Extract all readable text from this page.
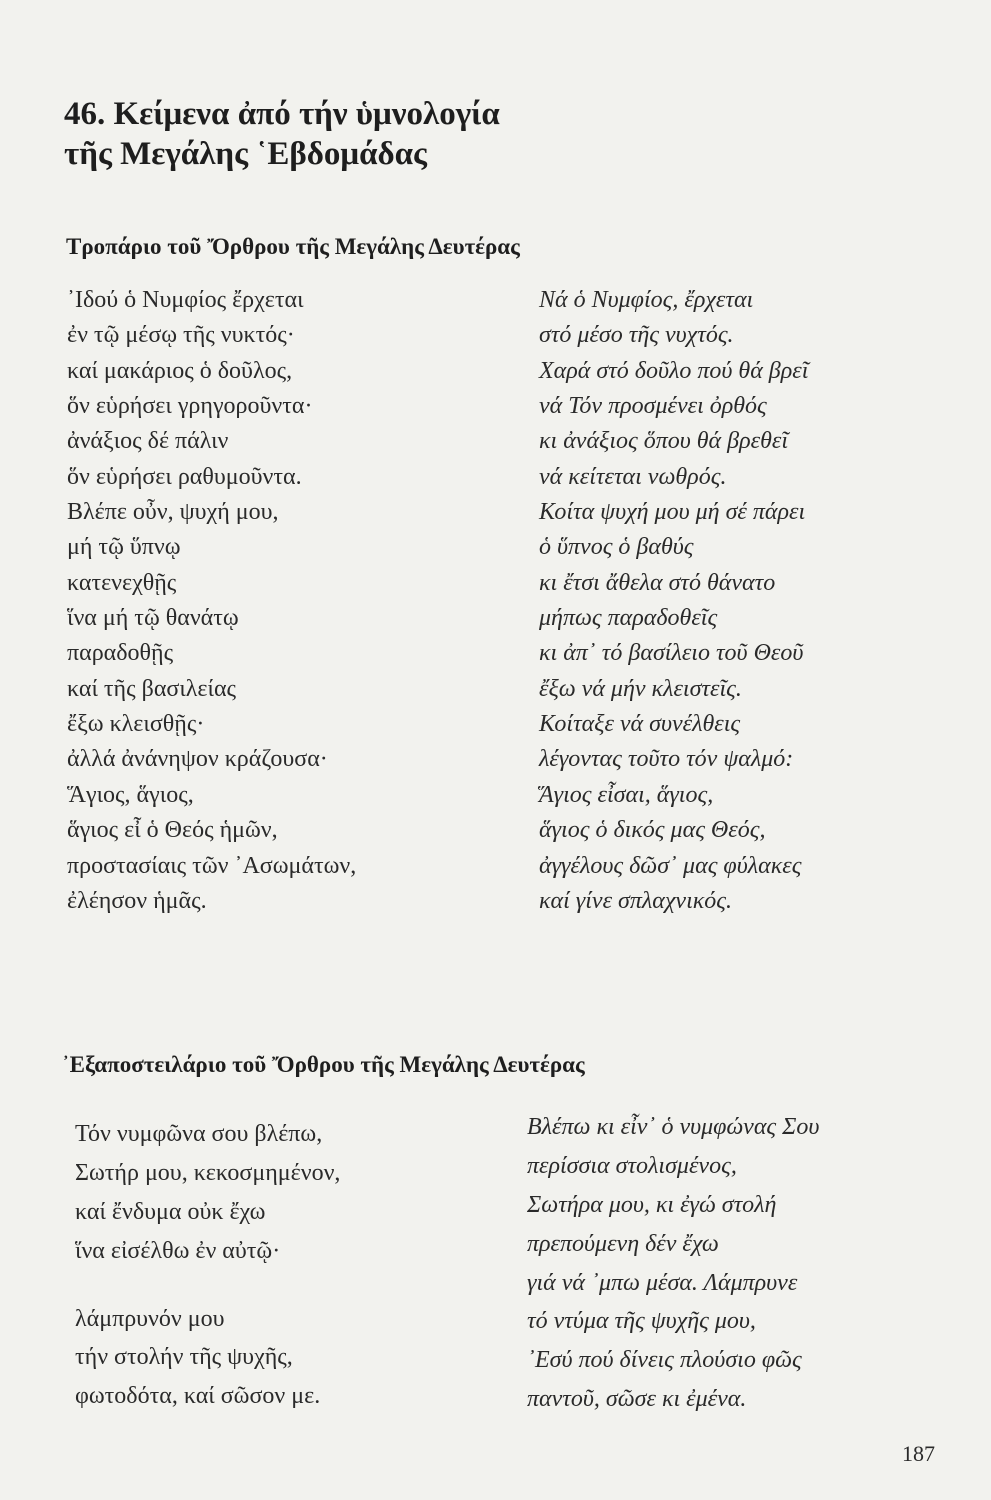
46. Κείμενα ἀπό τήν ὑμνολογία
τῆς Μεγάλης ῾Εβδομάδας
Τροπάριο τοῦ Ὄρθρου τῆς Μεγάλης Δευτέρας
᾿Ιδού ὁ Νυμφίος ἔρχεται
ἐν τῷ μέσῳ τῆς νυκτός·
καί μακάριος ὁ δοῦλος,
ὅν εὑρήσει γρηγοροῦντα·
ἀνάξιος δέ πάλιν
ὅν εὑρήσει ραθυμοῦντα.
Βλέπε οὖν, ψυχή μου,
μή τῷ ὕπνῳ
κατενεχθῇς
ἵνα μή τῷ θανάτῳ
παραδοθῇς
καί τῆς βασιλείας
ἔξω κλεισθῇς·
ἀλλά ἀνάνηψον κράζουσα·
Ἅγιος, ἅγιος,
ἅγιος εἶ ὁ Θεός ἡμῶν,
προστασίαις τῶν ᾿Ασωμάτων,
ἐλέησον ἡμᾶς.
Νά ὁ Νυμφίος, ἔρχεται
στό μέσο τῆς νυχτός.
Χαρά στό δοῦλο πού θά βρεῖ
νά Τόν προσμένει ὀρθός
κι ἀνάξιος ὅπου θά βρεθεῖ
νά κείτεται νωθρός.
Κοίτα ψυχή μου μή σέ πάρει
ὁ ὕπνος ὁ βαθύς
κι ἔτσι ἄθελα στό θάνατο
μήπως παραδοθεῖς
κι ἀπ᾿ τό βασίλειο τοῦ Θεοῦ
ἔξω νά μήν κλειστεῖς.
Κοίταξε νά συνέλθεις
λέγοντας τοῦτο τόν ψαλμό:
Ἅγιος εἶσαι, ἅγιος,
ἅγιος ὁ δικός μας Θεός,
ἀγγέλους δῶσ᾿ μας φύλακες
καί γίνε σπλαχνικός.
᾿Εξαποστειλάριο τοῦ Ὄρθρου τῆς Μεγάλης Δευτέρας
Τόν νυμφῶνα σου βλέπω,
Σωτήρ μου, κεκοσμημένον,
καί ἔνδυμα οὐκ ἔχω
ἵνα εἰσέλθω ἐν αὐτῷ·
λάμπρυνόν μου
τήν στολήν τῆς ψυχῆς,
φωτοδότα, καί σῶσον με.
Βλέπω κι εἶν᾿ ὁ νυμφώνας Σου
περίσσια στολισμένος,
Σωτήρα μου, κι ἐγώ στολή
πρεπούμενη δέν ἔχω
γιά νά ᾿μπω μέσα. Λάμπρυνε
τό ντύμα τῆς ψυχῆς μου,
᾿Εσύ πού δίνεις πλούσιο φῶς
παντοῦ, σῶσε κι ἐμένα.
187
